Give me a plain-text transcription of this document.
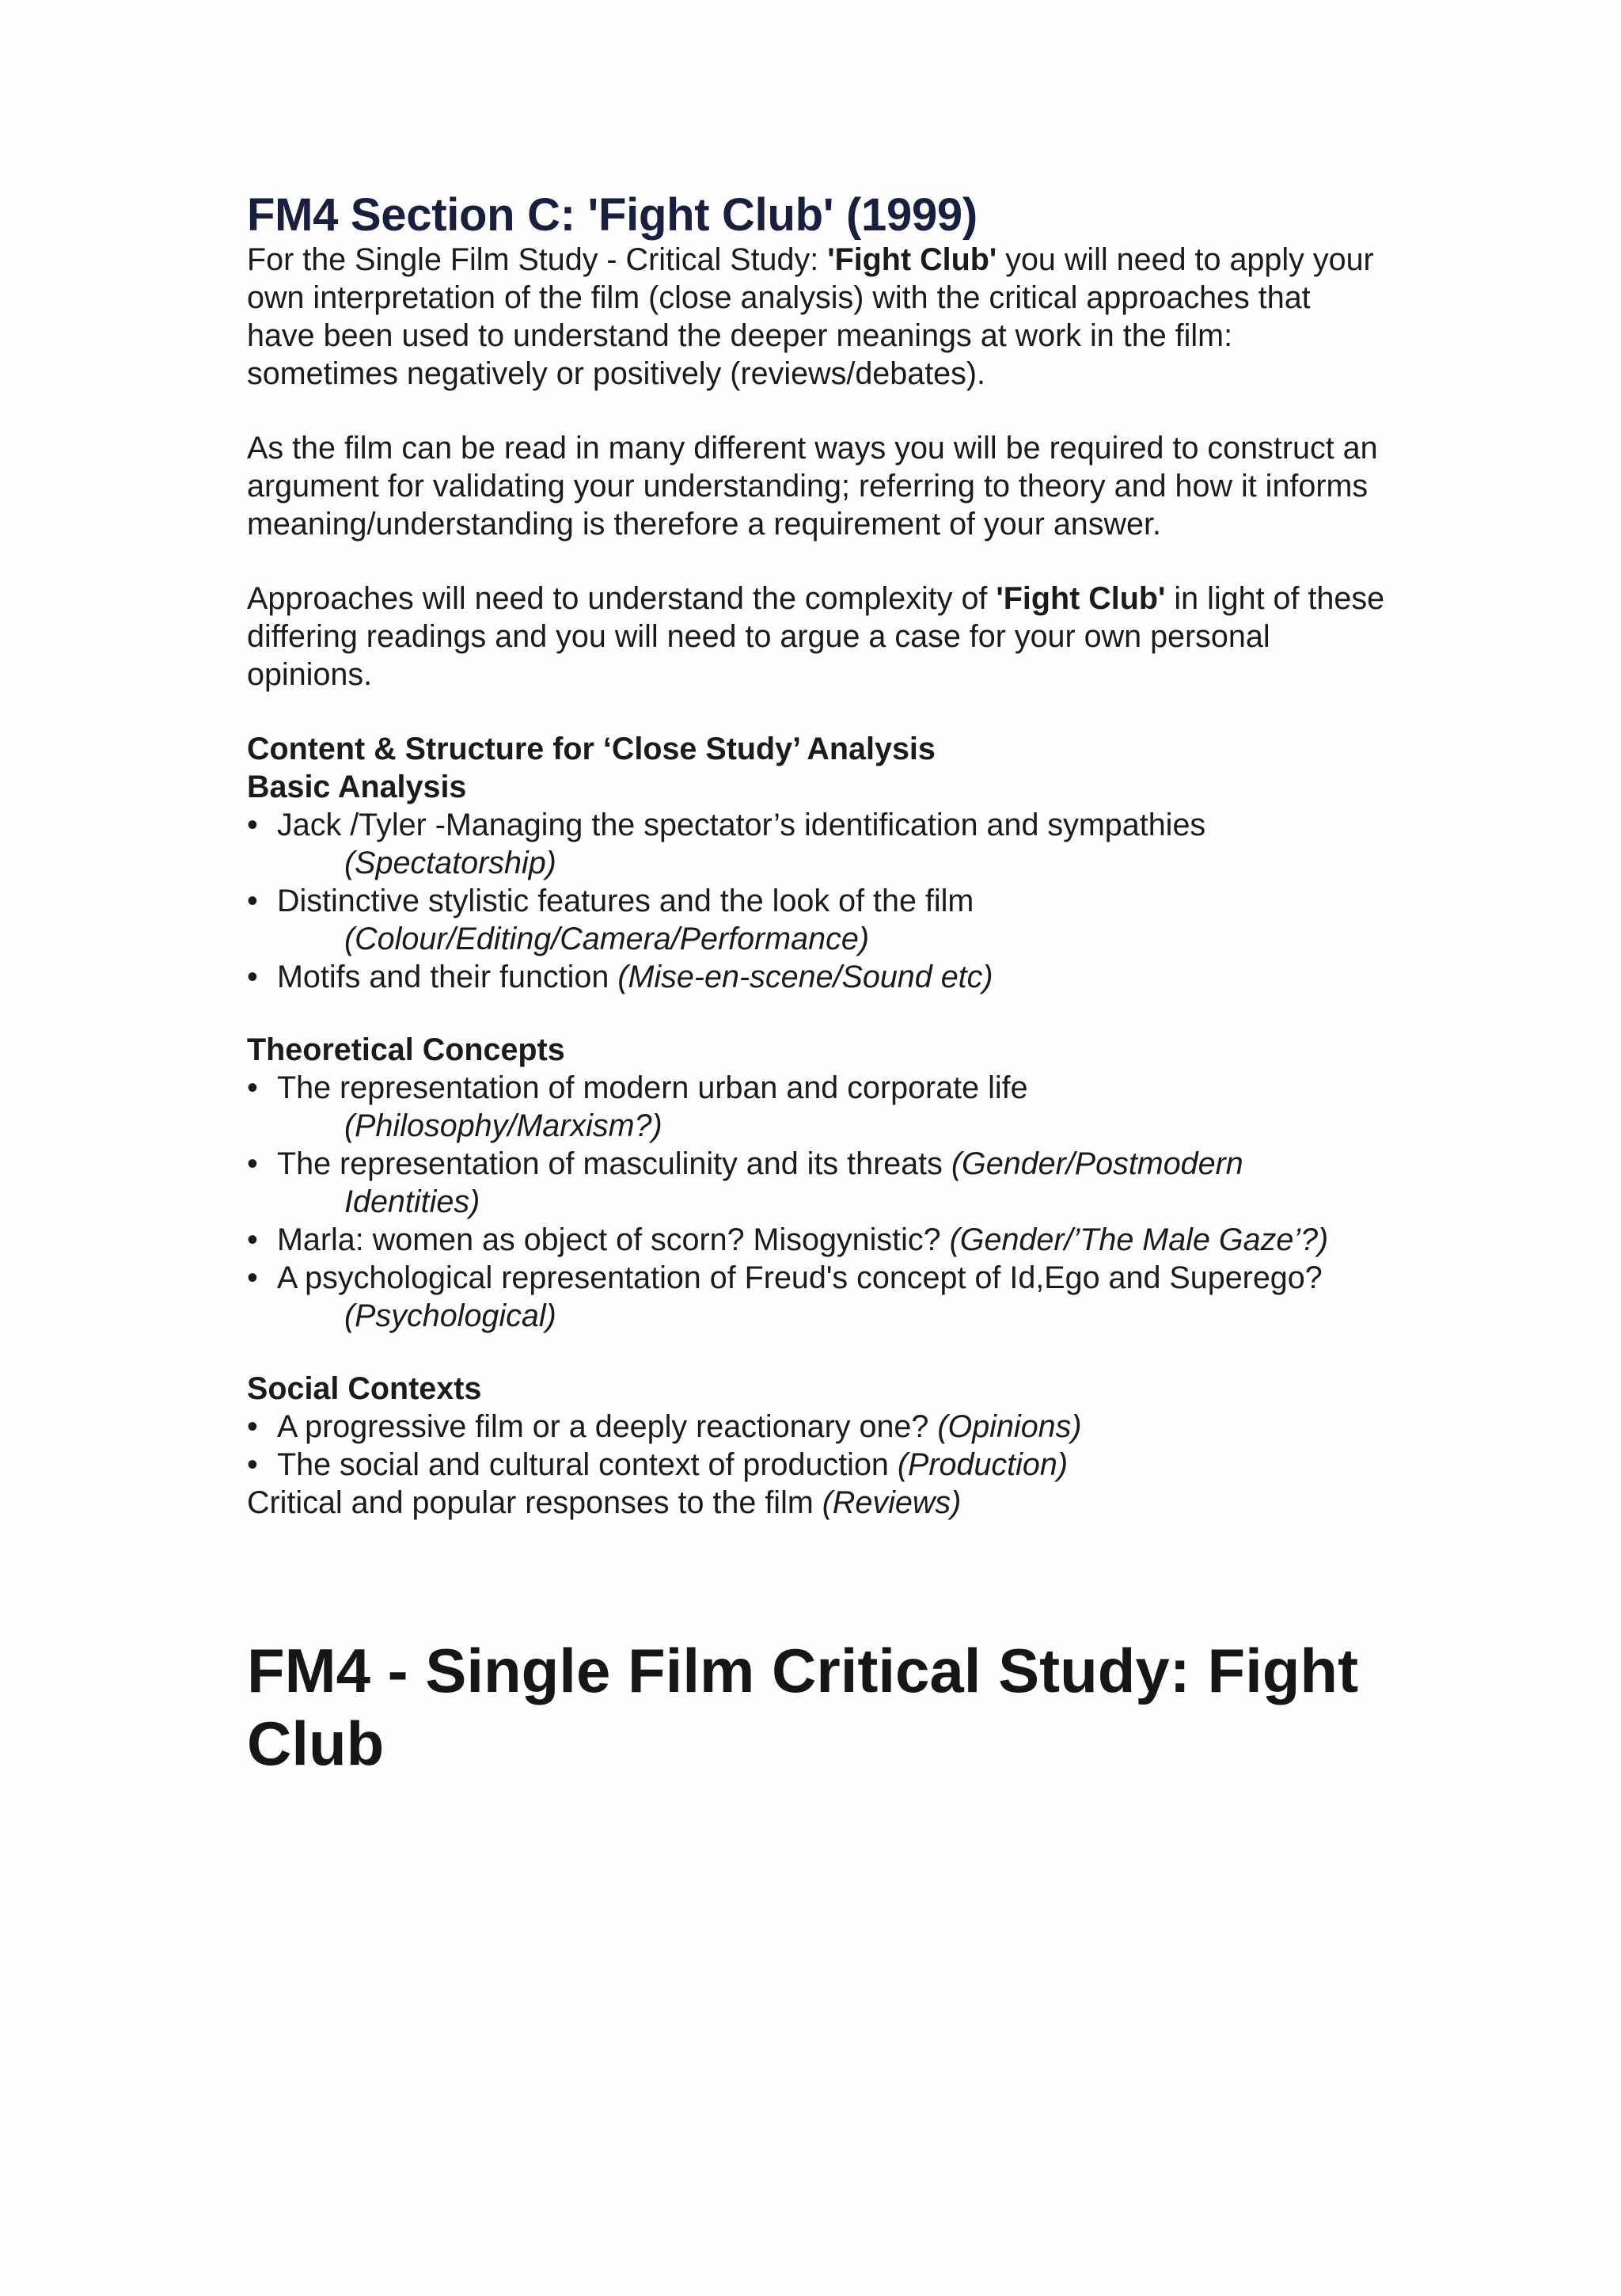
FM4 Section C: 'Fight Club' (1999)

For the Single Film Study - Critical Study: 'Fight Club' you will need to apply your own interpretation of the film (close analysis) with the critical approaches that have been used to understand the deeper meanings at work in the film: sometimes negatively or positively (reviews/debates).

As the film can be read in many different ways you will be required to construct an argument for validating your understanding; referring to theory and how it informs meaning/understanding is therefore a requirement of your answer.

Approaches will need to understand the complexity of 'Fight Club' in light of these differing readings and you will need to argue a case for your own personal opinions.

Content & Structure for ‘Close Study’ Analysis
Basic Analysis
• Jack /Tyler -Managing the spectator’s identification and sympathies
(Spectatorship)
• Distinctive stylistic features and the look of the film
(Colour/Editing/Camera/Performance)
• Motifs and their function (Mise-en-scene/Sound etc)
Theoretical Concepts
• The representation of modern urban and corporate life
(Philosophy/Marxism?)
• The representation of masculinity and its threats (Gender/Postmodern
Identities)
• Marla: women as object of scorn? Misogynistic? (Gender/’The Male Gaze’?)
• A psychological representation of Freud's concept of Id,Ego and Superego?
(Psychological)
Social Contexts
• A progressive film or a deeply reactionary one? (Opinions)
• The social and cultural context of production (Production)

Critical and popular responses to the film (Reviews)

FM4 - Single Film Critical Study: Fight Club
